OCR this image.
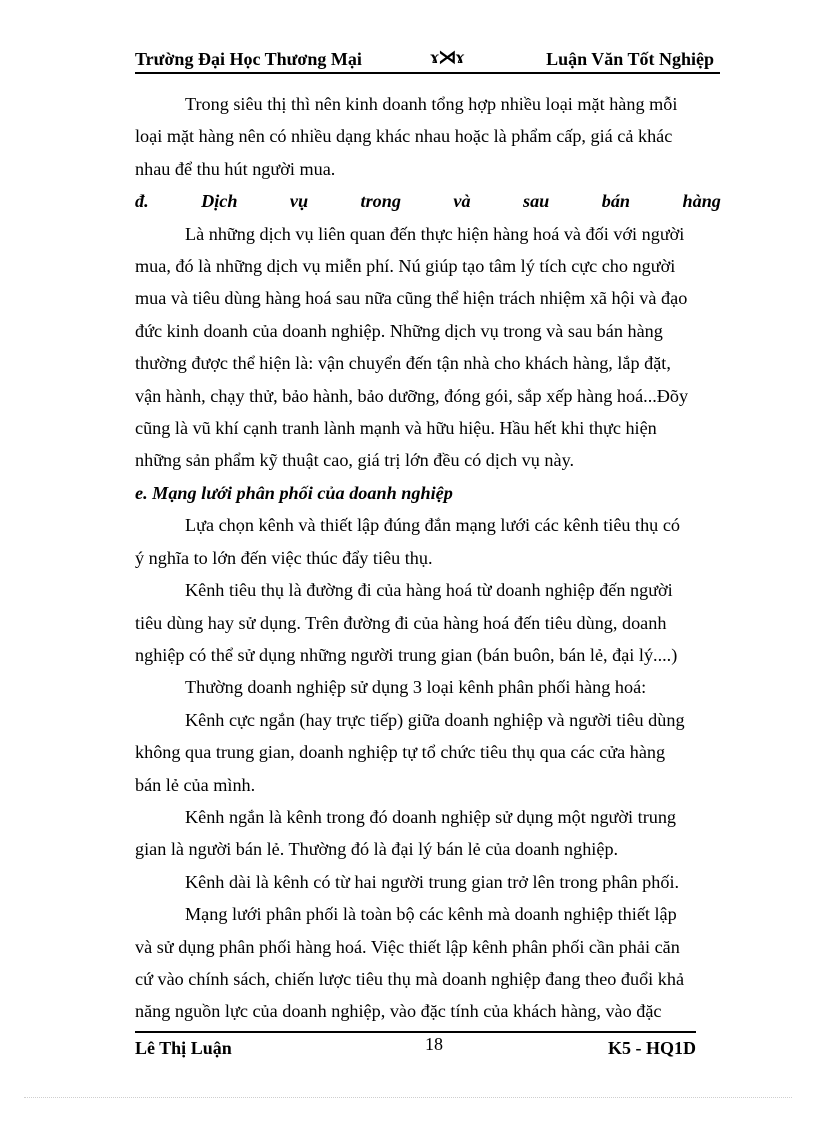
Trường Đại Học Thương Mại	ɤ⋊ɤ	Luận Văn Tốt Nghiệp

Trong siêu thị thì nên kinh doanh tổng hợp nhiều loại mặt hàng mỗi
loại mặt hàng nên có nhiều dạng khác nhau hoặc là phẩm cấp, giá cả khác
nhau để thu hút người mua.

đ.	Dịch	vụ	trong	và	sau	bán	hàng

Là những dịch vụ liên quan đến thực hiện hàng hoá và đối với người
mua, đó là những dịch vụ miễn phí. Nú giúp tạo tâm lý tích cực cho người
mua và tiêu dùng hàng hoá sau nữa cũng thể hiện trách nhiệm xã hội và đạo
đức kinh doanh của doanh nghiệp. Những dịch vụ trong và sau bán hàng
thường được thể hiện là: vận chuyển đến tận nhà cho khách hàng, lắp đặt,
vận hành, chạy thử, bảo hành, bảo dưỡng, đóng gói, sắp xếp hàng hoá...Đõy
cũng là vũ khí cạnh tranh lành mạnh và hữu hiệu. Hầu hết khi thực hiện
những sản phẩm kỹ thuật cao, giá trị lớn đều có dịch vụ này.

e. Mạng lưới phân phối của doanh nghiệp

Lựa chọn kênh và thiết lập đúng đắn mạng lưới các kênh tiêu thụ có
ý nghĩa to lớn đến việc thúc đẩy tiêu thụ.

Kênh tiêu thụ là đường đi của hàng hoá từ doanh nghiệp đến người
tiêu dùng hay sử dụng. Trên đường đi của hàng hoá đến tiêu dùng, doanh
nghiệp có thể sử dụng những người trung gian (bán buôn, bán lẻ, đại lý....)

Thường doanh nghiệp sử dụng 3 loại kênh phân phối hàng hoá:

Kênh cực ngắn (hay trực tiếp) giữa doanh nghiệp và người tiêu dùng
không qua trung gian, doanh nghiệp tự tổ chức tiêu thụ qua các cửa hàng
bán lẻ của mình.

Kênh ngắn là kênh trong đó doanh nghiệp sử dụng một người trung
gian là người bán lẻ. Thường đó là đại lý bán lẻ của doanh nghiệp.

Kênh dài là kênh có từ hai người trung gian trở lên trong phân phối.

Mạng lưới phân phối là toàn bộ các kênh mà doanh nghiệp thiết lập
và sử dụng phân phối hàng hoá. Việc thiết lập kênh phân phối cần phải căn
cứ vào chính sách, chiến lược tiêu thụ mà doanh nghiệp đang theo đuổi khả
năng nguồn lực của doanh nghiệp, vào đặc tính của khách hàng, vào đặc

Lê Thị Luận	18	K5 - HQ1D
